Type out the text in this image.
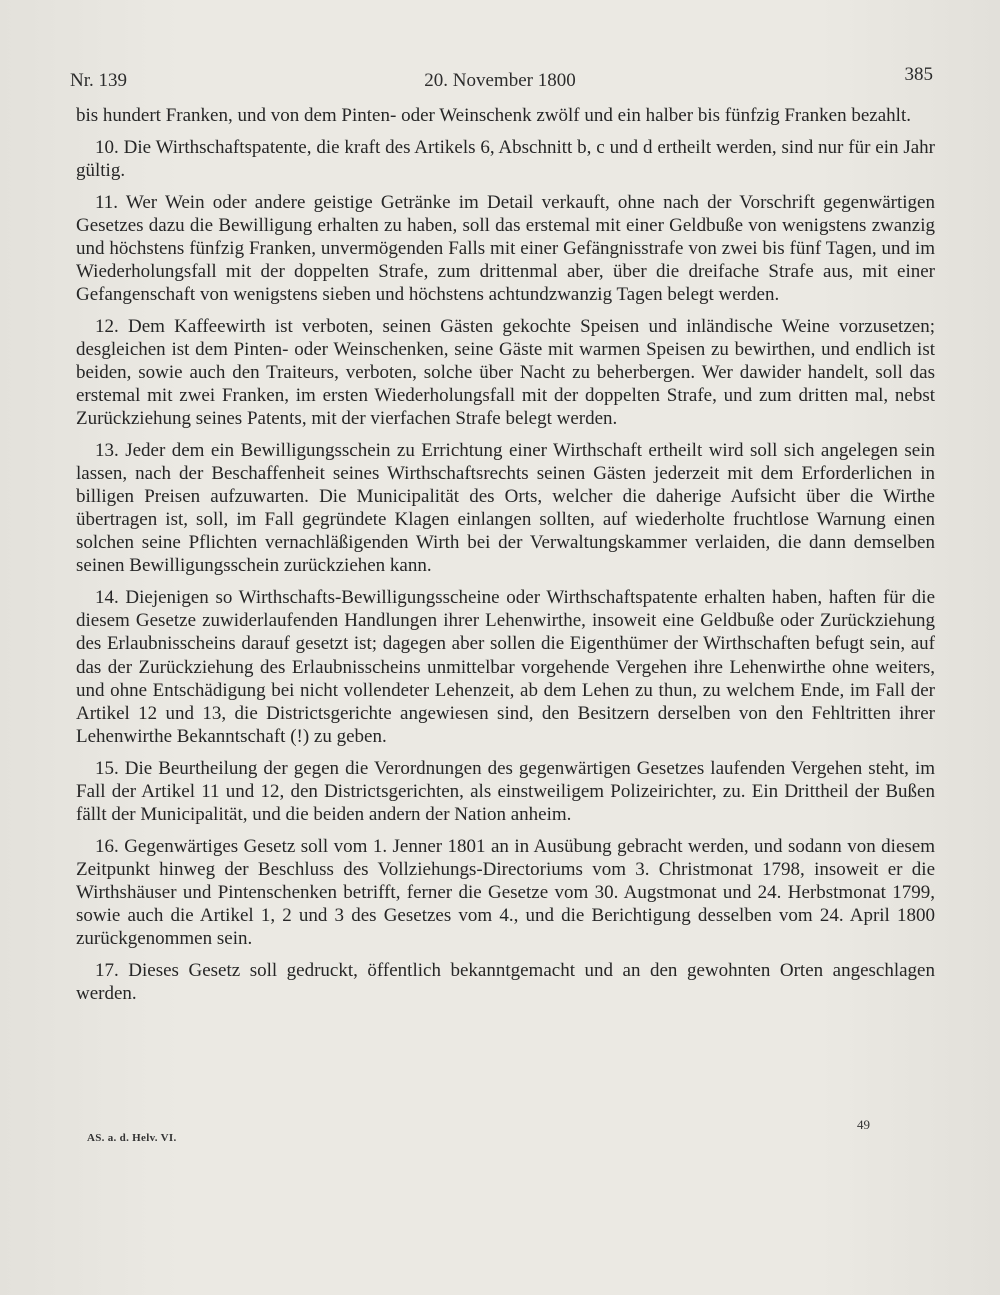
Nr. 139	20. November 1800	385

bis hundert Franken, und von dem Pinten- oder Weinschenk zwölf und ein halber bis fünfzig Franken bezahlt.

10. Die Wirthschaftspatente, die kraft des Artikels 6, Abschnitt b, c und d ertheilt werden, sind nur für ein Jahr gültig.

11. Wer Wein oder andere geistige Getränke im Detail verkauft, ohne nach der Vorschrift gegenwärtigen Gesetzes dazu die Bewilligung erhalten zu haben, soll das erstemal mit einer Geldbuße von wenigstens zwanzig und höchstens fünfzig Franken, unvermögenden Falls mit einer Gefängnisstrafe von zwei bis fünf Tagen, und im Wiederholungsfall mit der doppelten Strafe, zum drittenmal aber, über die dreifache Strafe aus, mit einer Gefangenschaft von wenigstens sieben und höchstens achtundzwanzig Tagen belegt werden.

12. Dem Kaffeewirth ist verboten, seinen Gästen gekochte Speisen und inländische Weine vorzusetzen; desgleichen ist dem Pinten- oder Weinschenken, seine Gäste mit warmen Speisen zu bewirthen, und endlich ist beiden, sowie auch den Traiteurs, verboten, solche über Nacht zu beherbergen. Wer dawider handelt, soll das erstemal mit zwei Franken, im ersten Wiederholungsfall mit der doppelten Strafe, und zum dritten mal, nebst Zurückziehung seines Patents, mit der vierfachen Strafe belegt werden.

13. Jeder dem ein Bewilligungsschein zu Errichtung einer Wirthschaft ertheilt wird soll sich angelegen sein lassen, nach der Beschaffenheit seines Wirthschaftsrechts seinen Gästen jederzeit mit dem Erforderlichen in billigen Preisen aufzuwarten. Die Municipalität des Orts, welcher die daherige Aufsicht über die Wirthe übertragen ist, soll, im Fall gegründete Klagen einlangen sollten, auf wiederholte fruchtlose Warnung einen solchen seine Pflichten vernachläßigenden Wirth bei der Verwaltungskammer verlaiden, die dann demselben seinen Bewilligungsschein zurückziehen kann.

14. Diejenigen so Wirthschafts-Bewilligungsscheine oder Wirthschaftspatente erhalten haben, haften für die diesem Gesetze zuwiderlaufenden Handlungen ihrer Lehenwirthe, insoweit eine Geldbuße oder Zurückziehung des Erlaubnisscheins darauf gesetzt ist; dagegen aber sollen die Eigenthümer der Wirthschaften befugt sein, auf das der Zurückziehung des Erlaubnisscheins unmittelbar vorgehende Vergehen ihre Lehenwirthe ohne weiters, und ohne Entschädigung bei nicht vollendeter Lehenzeit, ab dem Lehen zu thun, zu welchem Ende, im Fall der Artikel 12 und 13, die Districtsgerichte angewiesen sind, den Besitzern derselben von den Fehltritten ihrer Lehenwirthe Bekanntschaft (!) zu geben.

15. Die Beurtheilung der gegen die Verordnungen des gegenwärtigen Gesetzes laufenden Vergehen steht, im Fall der Artikel 11 und 12, den Districtsgerichten, als einstweiligem Polizeirichter, zu. Ein Drittheil der Bußen fällt der Municipalität, und die beiden andern der Nation anheim.

16. Gegenwärtiges Gesetz soll vom 1. Jenner 1801 an in Ausübung gebracht werden, und sodann von diesem Zeitpunkt hinweg der Beschluss des Vollziehungs-Directoriums vom 3. Christmonat 1798, insoweit er die Wirthshäuser und Pintenschenken betrifft, ferner die Gesetze vom 30. Augstmonat und 24. Herbstmonat 1799, sowie auch die Artikel 1, 2 und 3 des Gesetzes vom 4., und die Berichtigung desselben vom 24. April 1800 zurückgenommen sein.

17. Dieses Gesetz soll gedruckt, öffentlich bekanntgemacht und an den gewohnten Orten angeschlagen werden.

49
AS. a. d. Helv. VI.
